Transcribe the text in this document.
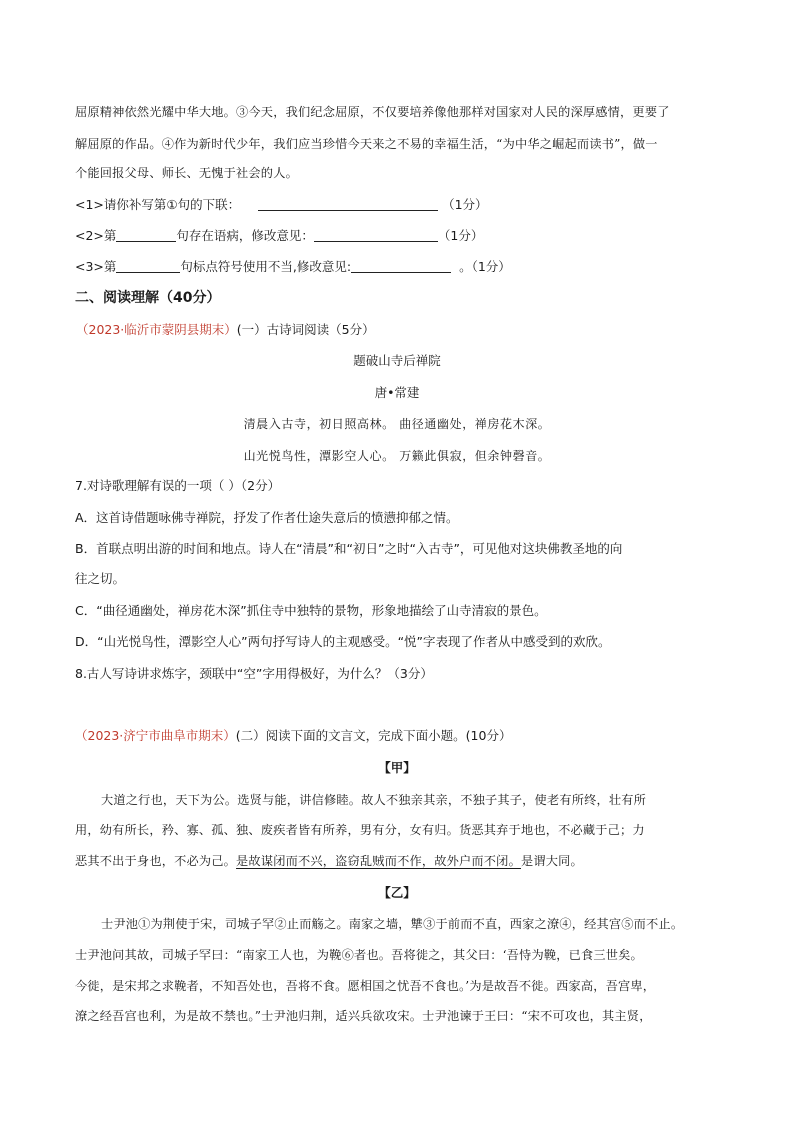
屈原精神依然光耀中华大地。③今天，我们纪念屈原，不仅要培养像他那样对国家对人民的深厚感情，更要了
解屈原的作品。④作为新时代少年，我们应当珍惜今天来之不易的幸福生活，“为中华之崛起而读书”，做一
个能回报父母、师长、无愧于社会的人。
<1>请你补写第①句的下联：	（1分）
<2>第	句存在语病，修改意见：	（1分）
<3>第	句标点符号使用不当,修改意见:	。（1分）
二、阅读理解（40分）
（2023·临沂市蒙阴县期末）(一）古诗词阅读（5分）
题破山寺后禅院
唐•常建
清晨入古寺，初日照高林。 曲径通幽处，禅房花木深。
山光悦鸟性，潭影空人心。 万籁此俱寂，但余钟磬音。
7.对诗歌理解有误的一项（ ）（2分）
A．这首诗借题咏佛寺禅院，抒发了作者仕途失意后的愤懑抑郁之情。
B．首联点明出游的时间和地点。诗人在“清晨”和“初日”之时“入古寺”，可见他对这块佛教圣地的向
往之切。
C．“曲径通幽处，禅房花木深”抓住寺中独特的景物，形象地描绘了山寺清寂的景色。
D．“山光悦鸟性，潭影空人心”两句抒写诗人的主观感受。“悦”字表现了作者从中感受到的欢欣。
8.古人写诗讲求炼字，颈联中“空”字用得极好，为什么？（3分）
（2023·济宁市曲阜市期末）(二）阅读下面的文言文，完成下面小题。(10分）
【甲】
大道之行也，天下为公。选贤与能，讲信修睦。故人不独亲其亲，不独子其子，使老有所终，壮有所
用，幼有所长，矜、寡、孤、独、废疾者皆有所养，男有分，女有归。货恶其弃于地也，不必藏于己；力
恶其不出于身也，不必为己。是故谋闭而不兴，盗窃乱贼而不作，故外户而不闭。是谓大同。
【乙】
士尹池①为荆使于宋，司城子罕②止而觞之。南家之墙，犨③于前而不直，西家之潦④，经其宫⑤而不止。
士尹池问其故，司城子罕曰：“南家工人也，为鞔⑥者也。吾将徙之，其父曰：‘吾恃为鞔，已食三世矣。
今徙，是宋邦之求鞔者，不知吾处也，吾将不食。愿相国之忧吾不食也。’为是故吾不徙。西家高，吾宫卑，
潦之经吾宫也利，为是故不禁也。”士尹池归荆，适兴兵欲攻宋。士尹池谏于王曰：“宋不可攻也，其主贤，
